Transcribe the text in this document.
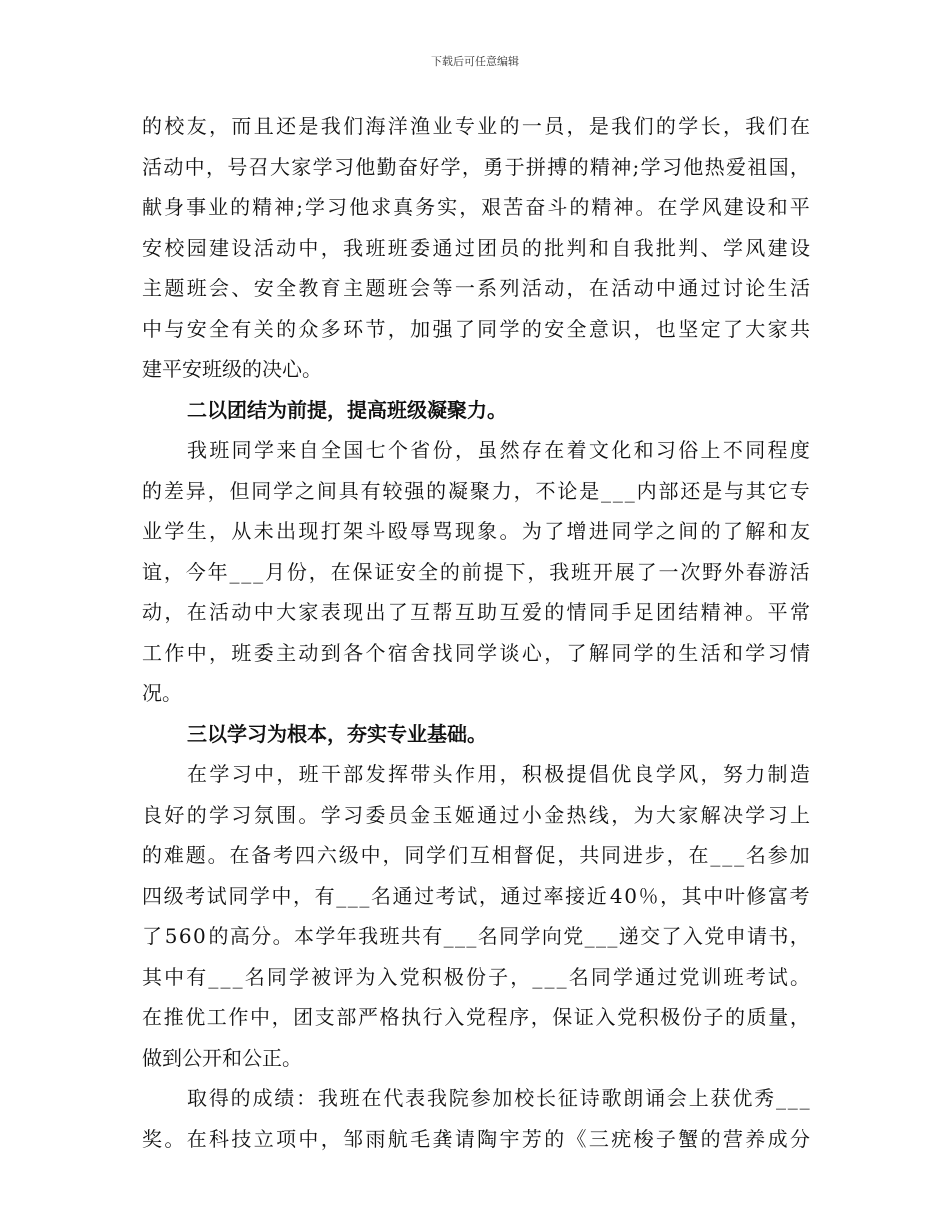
下载后可任意编辑
的 校 友 ， 而 且 还 是 我 们 海 洋 渔 业 专 业 的 一 员 ， 是 我 们 的 学 长 ， 我 们 在
活 动 中 ， 号 召 大 家 学 习 他 勤 奋 好 学 ， 勇 于 拼 搏 的 精 神 ; 学 习 他 热 爱 祖 国 ，
献 身 事 业 的 精 神 ; 学 习 他 求 真 务 实 ， 艰 苦 奋 斗 的 精 神 。 在 学 风 建 设 和 平
安 校 园 建 设 活 动 中 ， 我 班 班 委 通 过 团 员 的 批 判 和 自 我 批 判 、 学 风 建 设
主 题 班 会 、 安 全 教 育 主 题 班 会 等 一 系 列 活 动 ， 在 活 动 中 通 过 讨 论 生 活
中 与 安 全 有 关 的 众 多 环 节 ， 加 强 了 同 学 的 安 全 意 识 ， 也 坚 定 了 大 家 共
建平安班级的决心。
二以团结为前提，提高班级凝聚力。
我 班 同 学 来 自 全 国 七 个 省 份 ， 虽 然 存 在 着 文 化 和 习 俗 上 不 同 程 度
的 差 异 ， 但 同 学 之 间 具 有 较 强 的 凝 聚 力 ， 不 论 是 _ _ _ 内 部 还 是 与 其 它 专
业 学 生 ， 从 未 出 现 打 架 斗 殴 辱 骂 现 象 。 为 了 增 进 同 学 之 间 的 了 解 和 友
谊 ， 今 年 _ _ _ 月 份 ， 在 保 证 安 全 的 前 提 下 ， 我 班 开 展 了 一 次 野 外 春 游 活
动 ， 在 活 动 中 大 家 表 现 出 了 互 帮 互 助 互 爱 的 情 同 手 足 团 结 精 神 。 平 常
工 作 中 ， 班 委 主 动 到 各 个 宿 舍 找 同 学 谈 心 ， 了 解 同 学 的 生 活 和 学 习 情
况。
三以学习为根本，夯实专业基础。
在 学 习 中 ， 班 干 部 发 挥 带 头 作 用 ， 积 极 提 倡 优 良 学 风 ， 努 力 制 造
良 好 的 学 习 氛 围 。 学 习 委 员 金 玉 姬 通 过 小 金 热 线 ， 为 大 家 解 决 学 习 上
的 难 题 。 在 备 考 四 六 级 中 ， 同 学 们 互 相 督 促 ， 共 同 进 步 ， 在 _ _ _ 名 参 加
四 级 考 试 同 学 中 ， 有 _ _ _ 名 通 过 考 试 ， 通 过 率 接 近 4 0 ％ ， 其 中 叶 修 富 考
了 5 6 0 的 高 分 。 本 学 年 我 班 共 有 _ _ _ 名 同 学 向 党 _ _ _ 递 交 了 入 党 申 请 书 ，
其 中 有 _ _ _ 名 同 学 被 评 为 入 党 积 极 份 子 ， _ _ _ 名 同 学 通 过 党 训 班 考 试 。
在 推 优 工 作 中 ， 团 支 部 严 格 执 行 入 党 程 序 ， 保 证 入 党 积 极 份 子 的 质 量 ，
做到公开和公正。
取 得 的 成 绩 ： 我 班 在 代 表 我 院 参 加 校 长 征 诗 歌 朗 诵 会 上 获 优 秀 _ _ _
奖 。 在 科 技 立 项 中 ， 邹 雨 航 毛 龚 请 陶 宇 芳 的 《 三 疣 梭 子 蟹 的 营 养 成 分
